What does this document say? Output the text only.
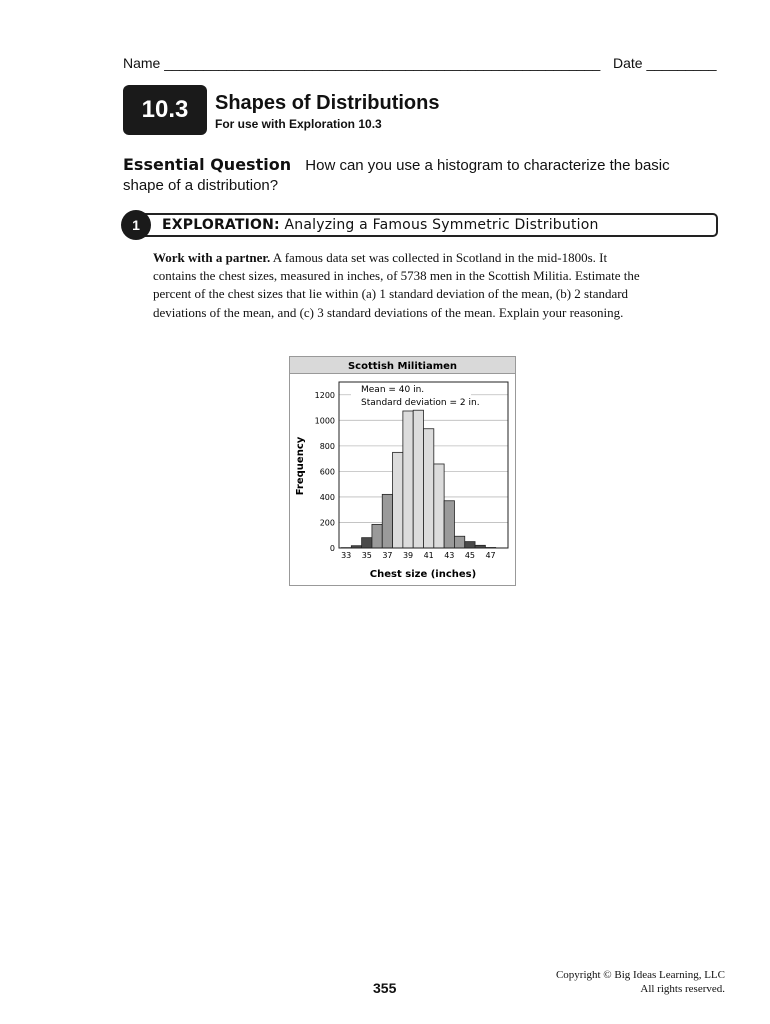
Name ________________________________________________________ Date _________
10.3	Shapes of Distributions
For use with Exploration 10.3
Essential Question How can you use a histogram to characterize the basic shape of a distribution?
1	EXPLORATION: Analyzing a Famous Symmetric Distribution
Work with a partner. A famous data set was collected in Scotland in the mid-1800s. It contains the chest sizes, measured in inches, of 5738 men in the Scottish Militia. Estimate the percent of the chest sizes that lie within (a) 1 standard deviation of the mean, (b) 2 standard deviations of the mean, and (c) 3 standard deviations of the mean. Explain your reasoning.
Scottish Militiamen
0
200
400
600
800
1000
1200
33 35 37 39 41 43 45 47
Mean = 40 in.
Standard deviation = 2 in.
Frequency
Chest size (inches)
355
Copyright © Big Ideas Learning, LLC
All rights reserved.
